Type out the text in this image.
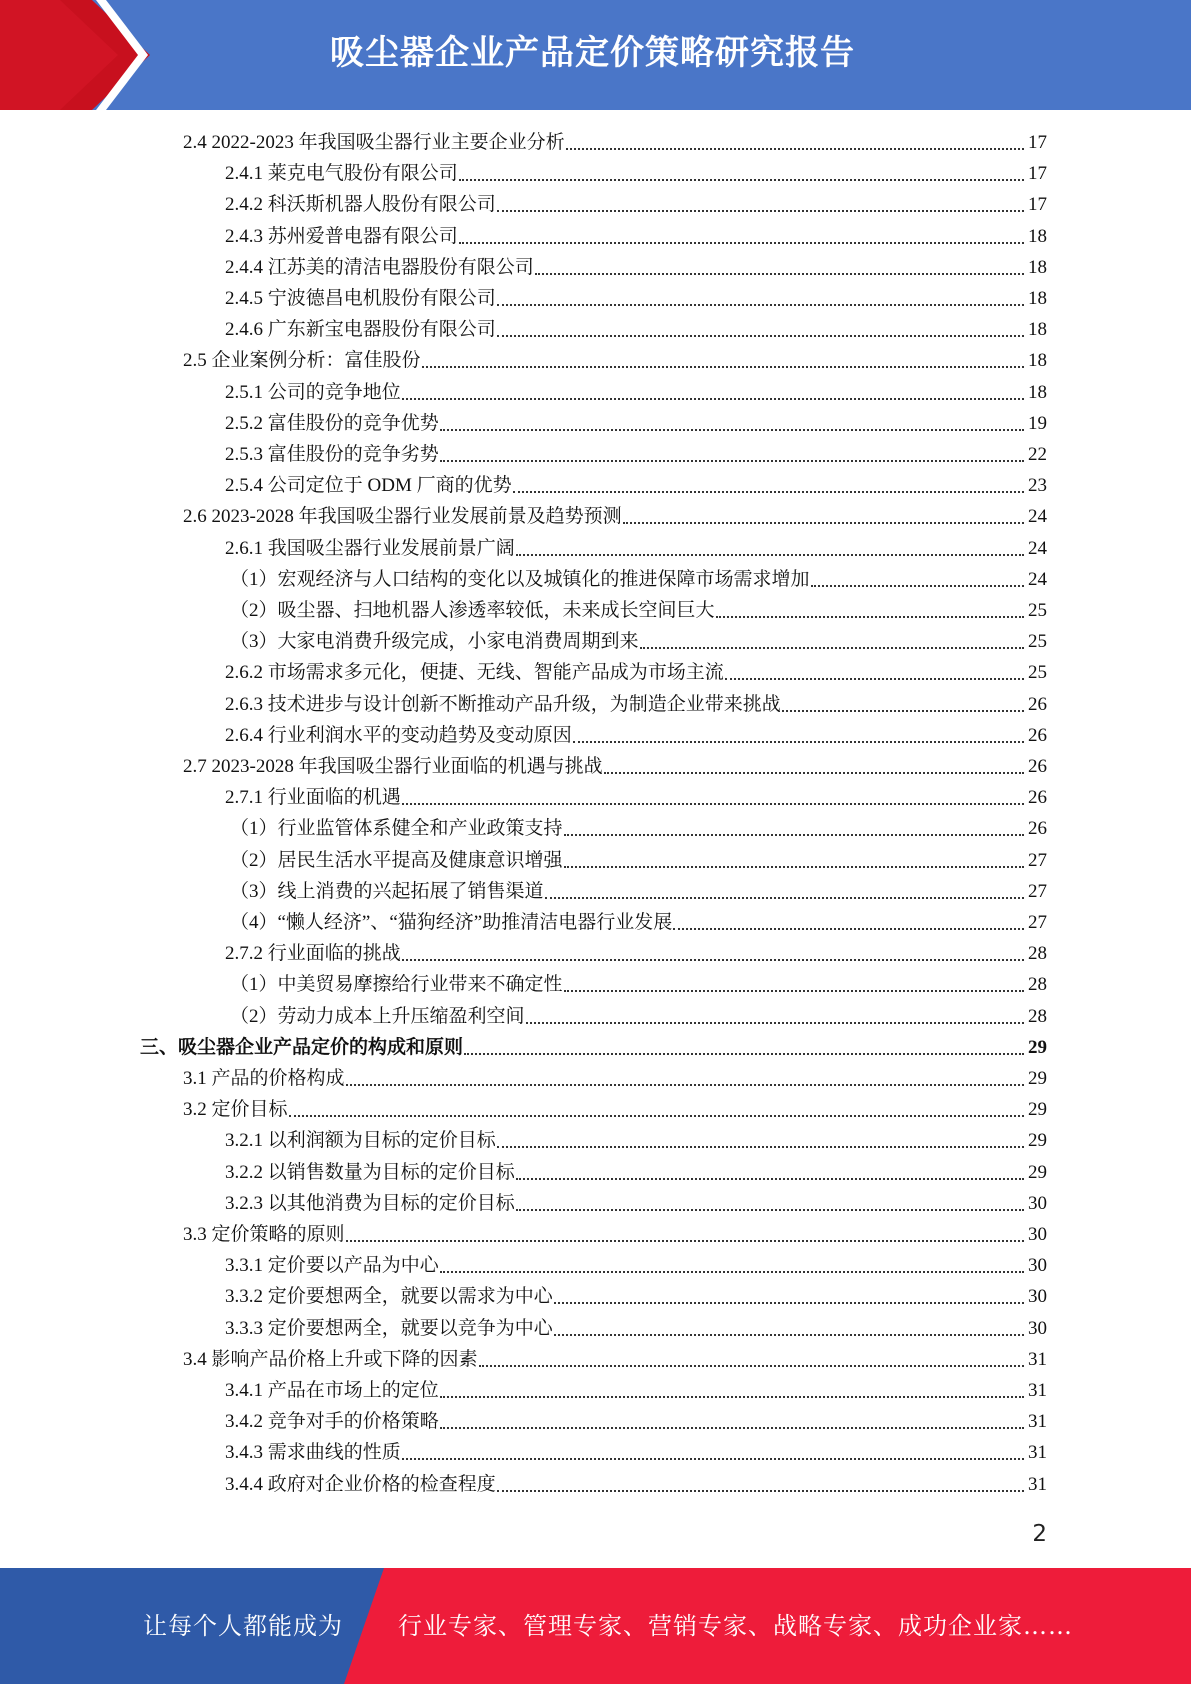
吸尘器企业产品定价策略研究报告
2.4 2022-2023 年我国吸尘器行业主要企业分析	17
2.4.1 莱克电气股份有限公司	17
2.4.2 科沃斯机器人股份有限公司	17
2.4.3 苏州爱普电器有限公司	18
2.4.4 江苏美的清洁电器股份有限公司	18
2.4.5 宁波德昌电机股份有限公司	18
2.4.6 广东新宝电器股份有限公司	18
2.5 企业案例分析：富佳股份	18
2.5.1 公司的竞争地位	18
2.5.2 富佳股份的竞争优势	19
2.5.3 富佳股份的竞争劣势	22
2.5.4 公司定位于 ODM 厂商的优势	23
2.6 2023-2028 年我国吸尘器行业发展前景及趋势预测	24
2.6.1 我国吸尘器行业发展前景广阔	24
（1）宏观经济与人口结构的变化以及城镇化的推进保障市场需求增加	24
（2）吸尘器、扫地机器人渗透率较低，未来成长空间巨大	25
（3）大家电消费升级完成，小家电消费周期到来	25
2.6.2 市场需求多元化，便捷、无线、智能产品成为市场主流	25
2.6.3 技术进步与设计创新不断推动产品升级，为制造企业带来挑战	26
2.6.4 行业利润水平的变动趋势及变动原因	26
2.7 2023-2028 年我国吸尘器行业面临的机遇与挑战	26
2.7.1 行业面临的机遇	26
（1）行业监管体系健全和产业政策支持	26
（2）居民生活水平提高及健康意识增强	27
（3）线上消费的兴起拓展了销售渠道	27
（4）“懒人经济”、“猫狗经济”助推清洁电器行业发展	27
2.7.2 行业面临的挑战	28
（1）中美贸易摩擦给行业带来不确定性	28
（2）劳动力成本上升压缩盈利空间	28
三、吸尘器企业产品定价的构成和原则	29
3.1 产品的价格构成	29
3.2 定价目标	29
3.2.1 以利润额为目标的定价目标	29
3.2.2 以销售数量为目标的定价目标	29
3.2.3 以其他消费为目标的定价目标	30
3.3 定价策略的原则	30
3.3.1 定价要以产品为中心	30
3.3.2 定价要想两全，就要以需求为中心	30
3.3.3 定价要想两全，就要以竞争为中心	30
3.4 影响产品价格上升或下降的因素	31
3.4.1 产品在市场上的定位	31
3.4.2 竞争对手的价格策略	31
3.4.3 需求曲线的性质	31
3.4.4 政府对企业价格的检查程度	31
2
让每个人都能成为 行业专家、管理专家、营销专家、战略专家、成功企业家……
